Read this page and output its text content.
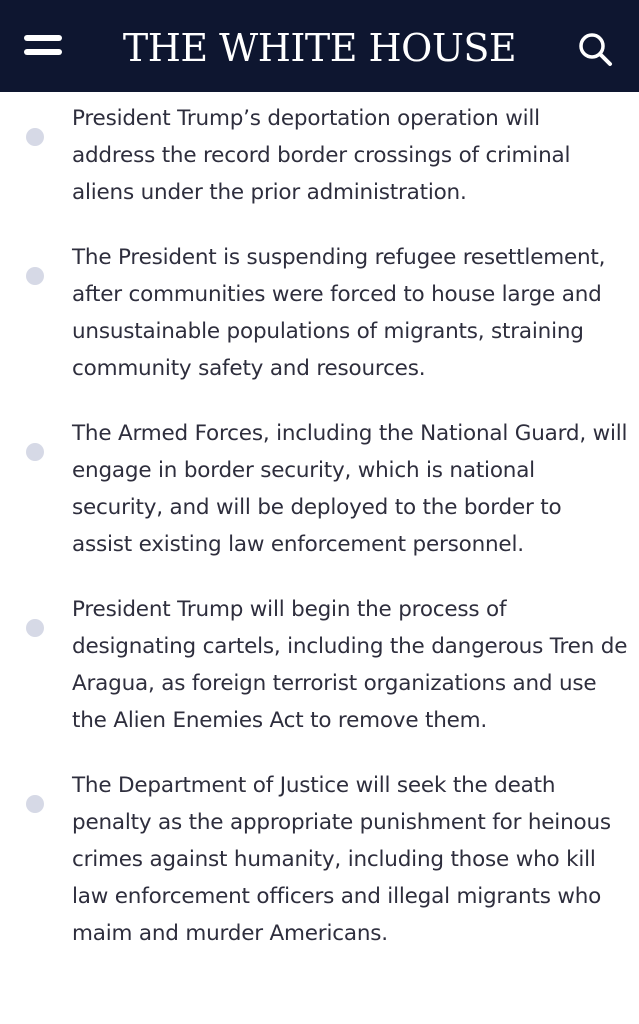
THE WHITE HOUSE

President Trump’s deportation operation will address the record border crossings of criminal aliens under the prior administration.

The President is suspending refugee resettlement, after communities were forced to house large and unsustainable populations of migrants, straining community safety and resources.

The Armed Forces, including the National Guard, will engage in border security, which is national security, and will be deployed to the border to assist existing law enforcement personnel.

President Trump will begin the process of designating cartels, including the dangerous Tren de Aragua, as foreign terrorist organizations and use the Alien Enemies Act to remove them.

The Department of Justice will seek the death penalty as the appropriate punishment for heinous crimes against humanity, including those who kill law enforcement officers and illegal migrants who maim and murder Americans.
